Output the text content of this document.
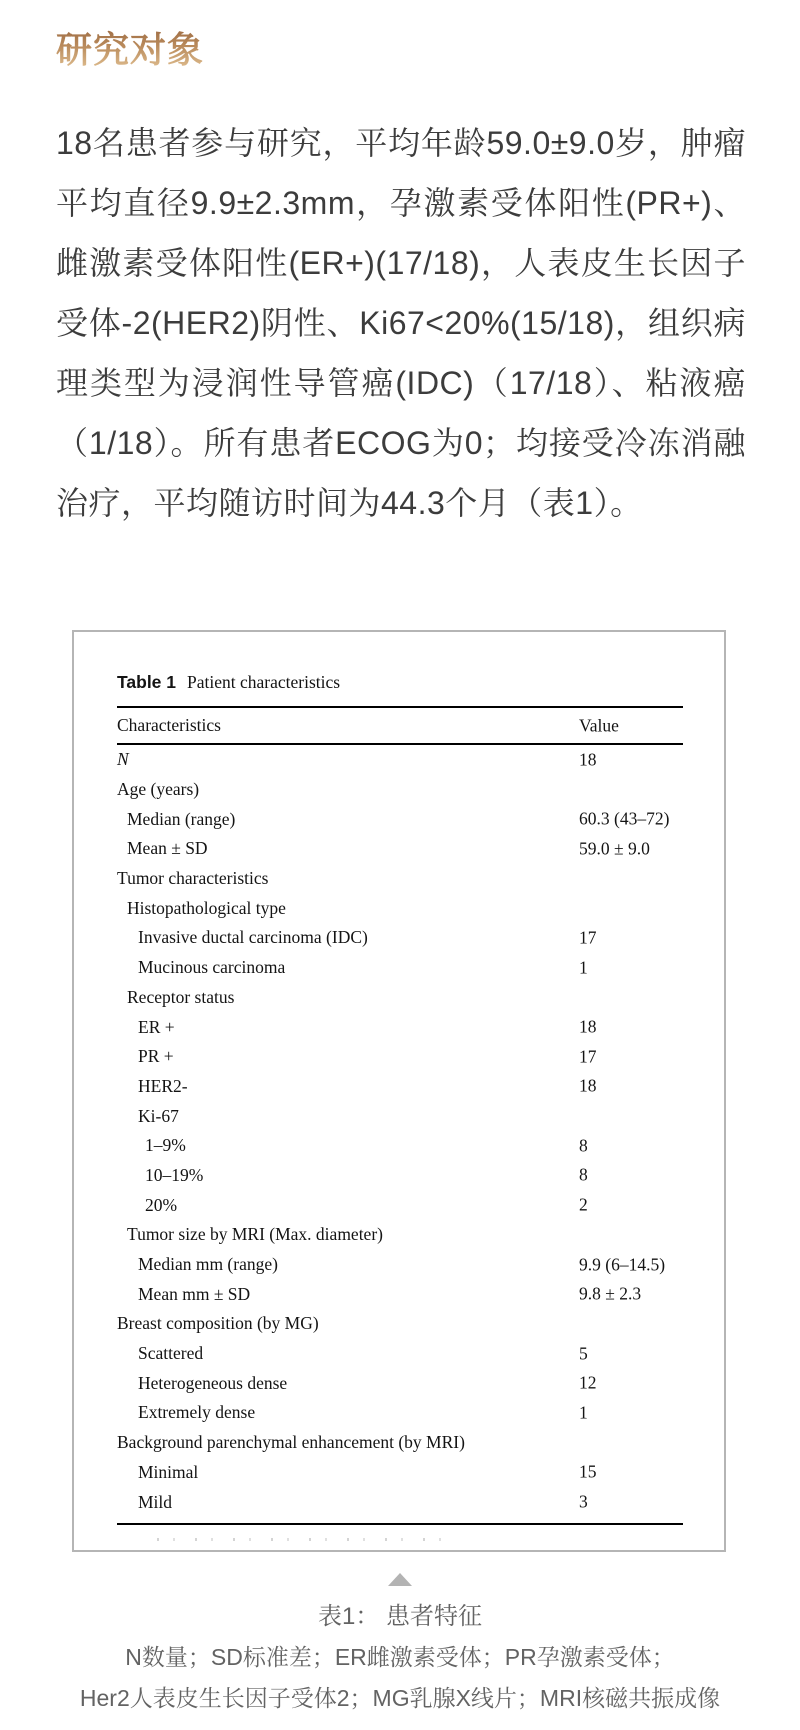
研究对象

18名患者参与研究，平均年龄59.0±9.0岁，肿瘤平均直径9.9±2.3mm，孕激素受体阳性(PR+)、雌激素受体阳性(ER+)(17/18)，人表皮生长因子受体-2(HER2)阴性、Ki67<20%(15/18)，组织病理类型为浸润性导管癌(IDC)（17/18）、粘液癌（1/18）。所有患者ECOG为0；均接受冷冻消融治疗，平均随访时间为44.3个月（表1）。

Table 1 Patient characteristics
Characteristics	Value
N	18
Age (years)
Median (range)	60.3 (43–72)
Mean ± SD	59.0 ± 9.0
Tumor characteristics
Histopathological type
Invasive ductal carcinoma (IDC)	17
Mucinous carcinoma	1
Receptor status
ER +	18
PR +	17
HER2-	18
Ki-67
1–9%	8
10–19%	8
20%	2
Tumor size by MRI (Max. diameter)
Median mm (range)	9.9 (6–14.5)
Mean mm ± SD	9.8 ± 2.3
Breast composition (by MG)
Scattered	5
Heterogeneous dense	12
Extremely dense	1
Background parenchymal enhancement (by MRI)
Minimal	15
Mild	3
表1： 患者特征
N数量；SD标准差；ER雌激素受体；PR孕激素受体；
Her2人表皮生长因子受体2；MG乳腺X线片；MRI核磁共振成像
